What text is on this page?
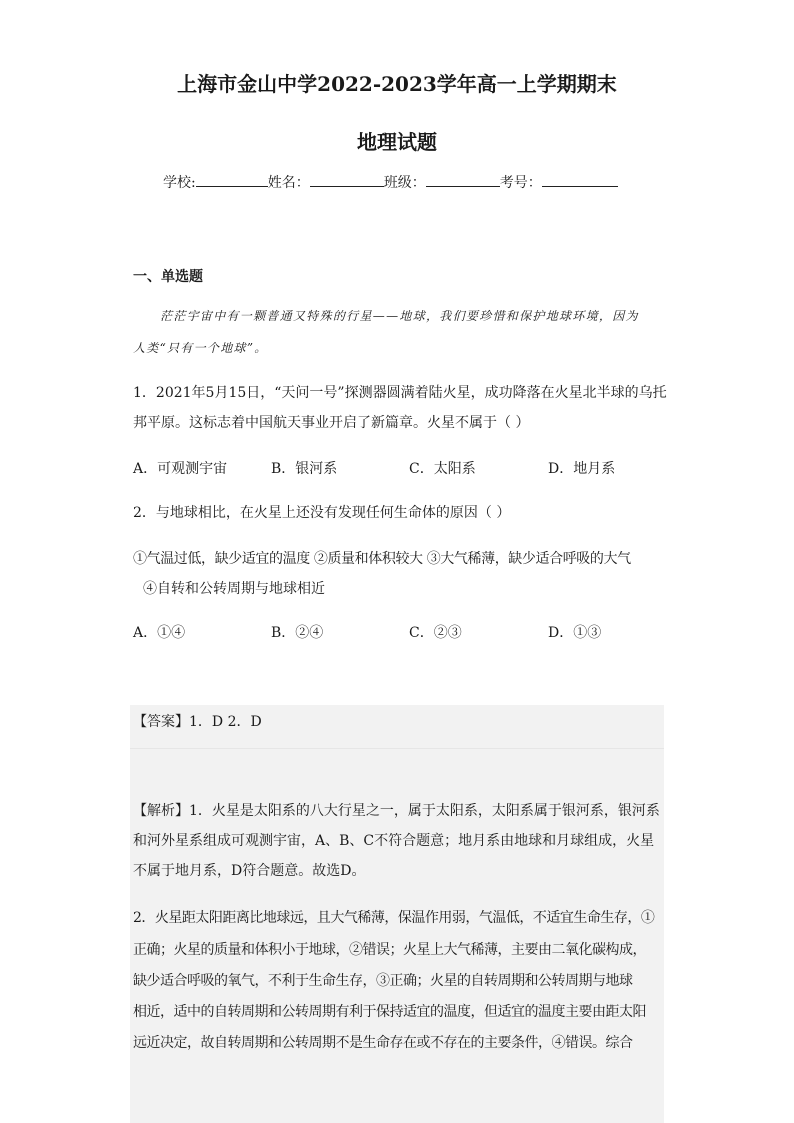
上海市金山中学2022-2023学年高一上学期期末
地理试题
学校:	姓名：	班级：	考号：
一、单选题
茫茫宇宙中有一颗普通又特殊的行星——地球，我们要珍惜和保护地球环境，因为
人类“只有一个地球”。
1．2021年5月15日，“天问一号”探测器圆满着陆火星，成功降落在火星北半球的乌托
邦平原。这标志着中国航天事业开启了新篇章。火星不属于（ ）
A．可观测宇宙	B．银河系	C．太阳系	D．地月系
2．与地球相比，在火星上还没有发现任何生命体的原因（ ）
①气温过低，缺少适宜的温度 ②质量和体积较大 ③大气稀薄，缺少适合呼吸的大气
④自转和公转周期与地球相近
A．①④	B．②④	C．②③	D．①③
【答案】1．D 2．D
【解析】1．火星是太阳系的八大行星之一，属于太阳系，太阳系属于银河系，银河系
和河外星系组成可观测宇宙，A、B、C不符合题意；地月系由地球和月球组成，火星
不属于地月系，D符合题意。故选D。
2．火星距太阳距离比地球远，且大气稀薄，保温作用弱，气温低，不适宜生命生存，①
正确；火星的质量和体积小于地球，②错误；火星上大气稀薄，主要由二氧化碳构成，
缺少适合呼吸的氧气，不利于生命生存，③正确；火星的自转周期和公转周期与地球
相近，适中的自转周期和公转周期有利于保持适宜的温度，但适宜的温度主要由距太阳
远近决定，故自转周期和公转周期不是生命存在或不存在的主要条件，④错误。综合
